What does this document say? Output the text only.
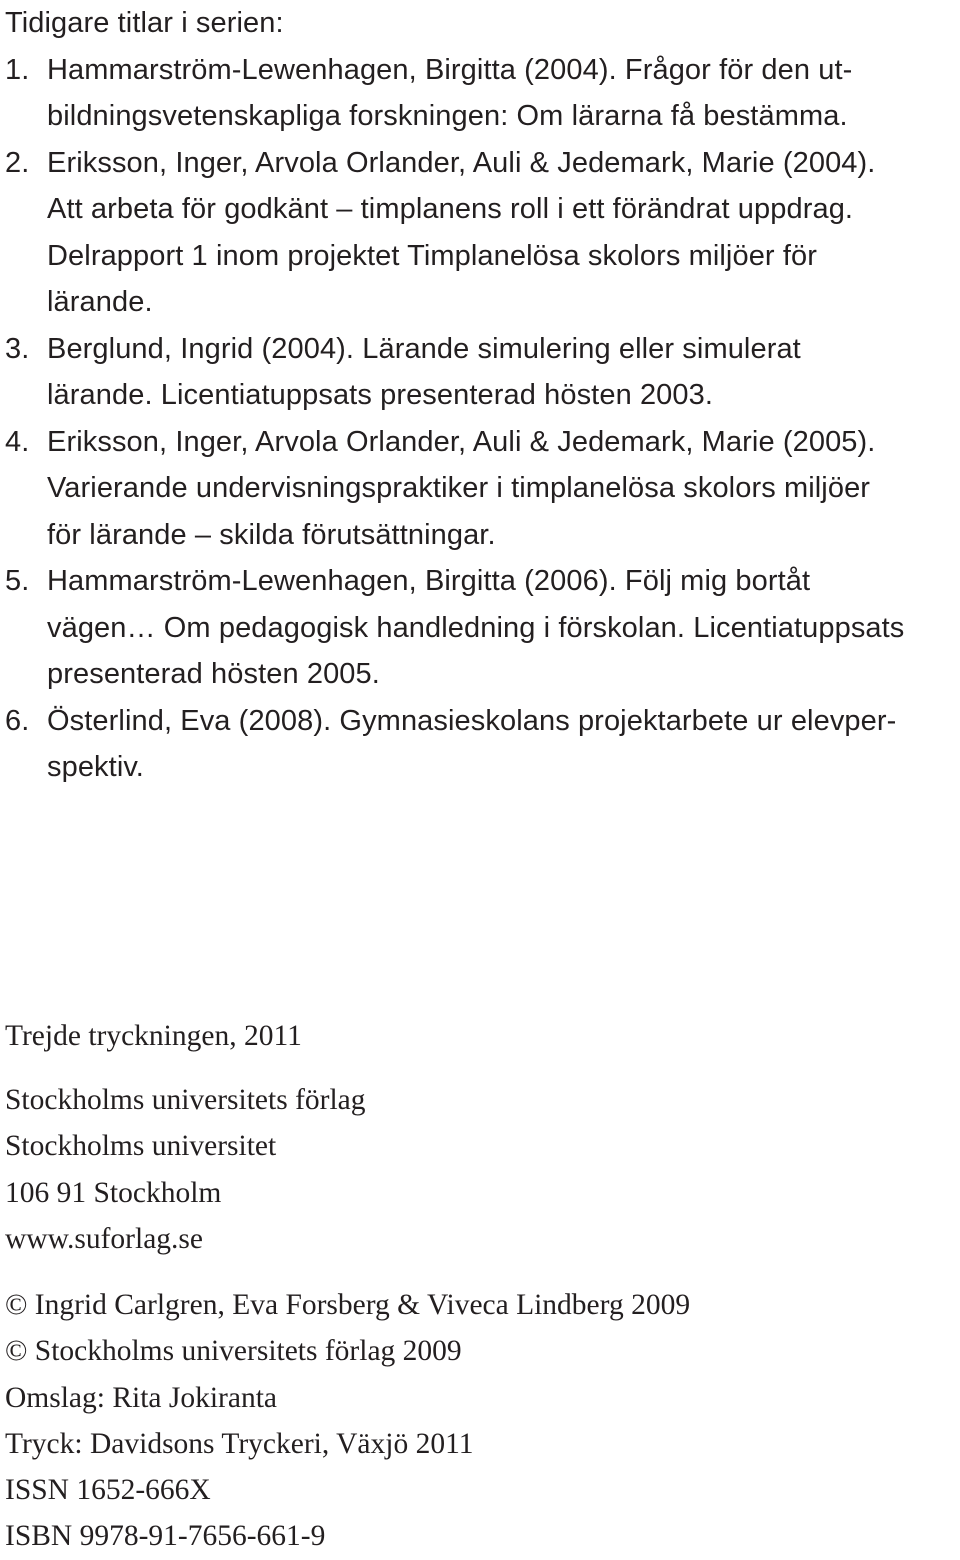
Tidigare titlar i serien:
1. Hammarström-Lewenhagen, Birgitta (2004). Frågor för den ut-
bildningsvetenskapliga forskningen: Om lärarna få bestämma.
2. Eriksson, Inger, Arvola Orlander, Auli & Jedemark, Marie (2004).
Att arbeta för godkänt – timplanens roll i ett förändrat uppdrag.
Delrapport 1 inom projektet Timplanelösa skolors miljöer för
lärande.
3. Berglund, Ingrid (2004). Lärande simulering eller simulerat
lärande. Licentiatuppsats presenterad hösten 2003.
4. Eriksson, Inger, Arvola Orlander, Auli & Jedemark, Marie (2005).
Varierande undervisningspraktiker i timplanelösa skolors miljöer
för lärande – skilda förutsättningar.
5. Hammarström-Lewenhagen, Birgitta (2006). Följ mig bortåt
vägen… Om pedagogisk handledning i förskolan. Licentiatuppsats
presenterad hösten 2005.
6. Österlind, Eva (2008). Gymnasieskolans projektarbete ur elevper-
spektiv.
Trejde tryckningen, 2011
Stockholms universitets förlag
Stockholms universitet
106 91 Stockholm
www.suforlag.se
© Ingrid Carlgren, Eva Forsberg & Viveca Lindberg 2009
© Stockholms universitets förlag 2009
Omslag: Rita Jokiranta
Tryck: Davidsons Tryckeri, Växjö 2011
ISSN 1652-666X
ISBN 9978-91-7656-661-9
